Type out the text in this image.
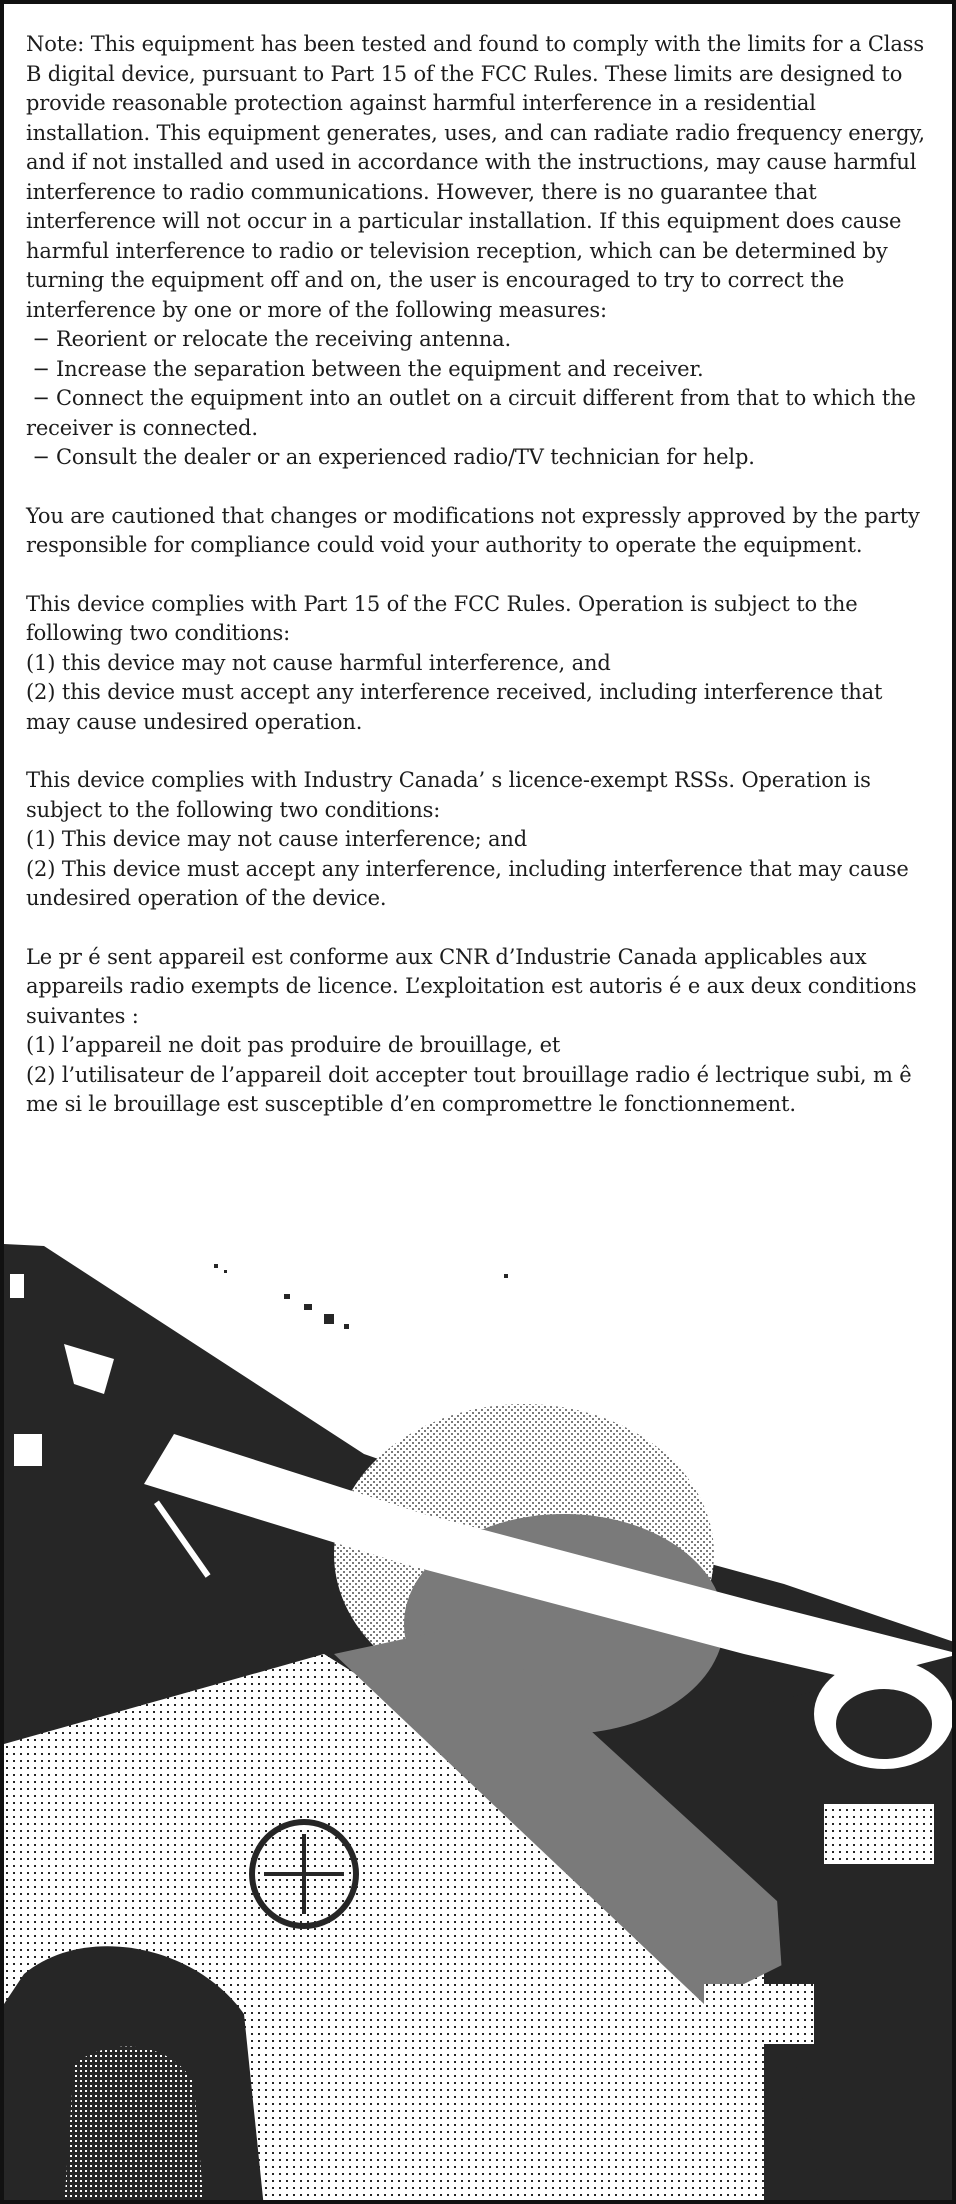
Note: This equipment has been tested and found to comply with the limits for a Class B digital device, pursuant to Part 15 of the FCC Rules. These limits are designed to provide reasonable protection against harmful interference in a residential installation. This equipment generates, uses, and can radiate radio frequency energy, and if not installed and used in accordance with the instructions, may cause harmful interference to radio communications. However, there is no guarantee that interference will not occur in a particular installation. If this equipment does cause harmful interference to radio or television reception, which can be determined by turning the equipment off and on, the user is encouraged to try to correct the interference by one or more of the following measures:

− Reorient or relocate the receiving antenna.

− Increase the separation between the equipment and receiver.

− Connect the equipment into an outlet on a circuit different from that to which the receiver is connected.

− Consult the dealer or an experienced radio/TV technician for help.

You are cautioned that changes or modifications not expressly approved by the party responsible for compliance could void your authority to operate the equipment.

This device complies with Part 15 of the FCC Rules. Operation is subject to the following two conditions:

(1) this device may not cause harmful interference, and

(2) this device must accept any interference received, including interference that may cause undesired operation.

This device complies with Industry Canada’ s licence-exempt RSSs. Operation is subject to the following two conditions:

(1) This device may not cause interference; and

(2) This device must accept any interference, including interference that may cause undesired operation of the device.

Le pr é sent appareil est conforme aux CNR d’Industrie Canada applicables aux appareils radio exempts de licence. L’exploitation est autoris é e aux deux conditions suivantes :

(1) l’appareil ne doit pas produire de brouillage, et

(2) l’utilisateur de l’appareil doit accepter tout brouillage radio é lectrique subi, m ê me si le brouillage est susceptible d’en compromettre le fonctionnement.
